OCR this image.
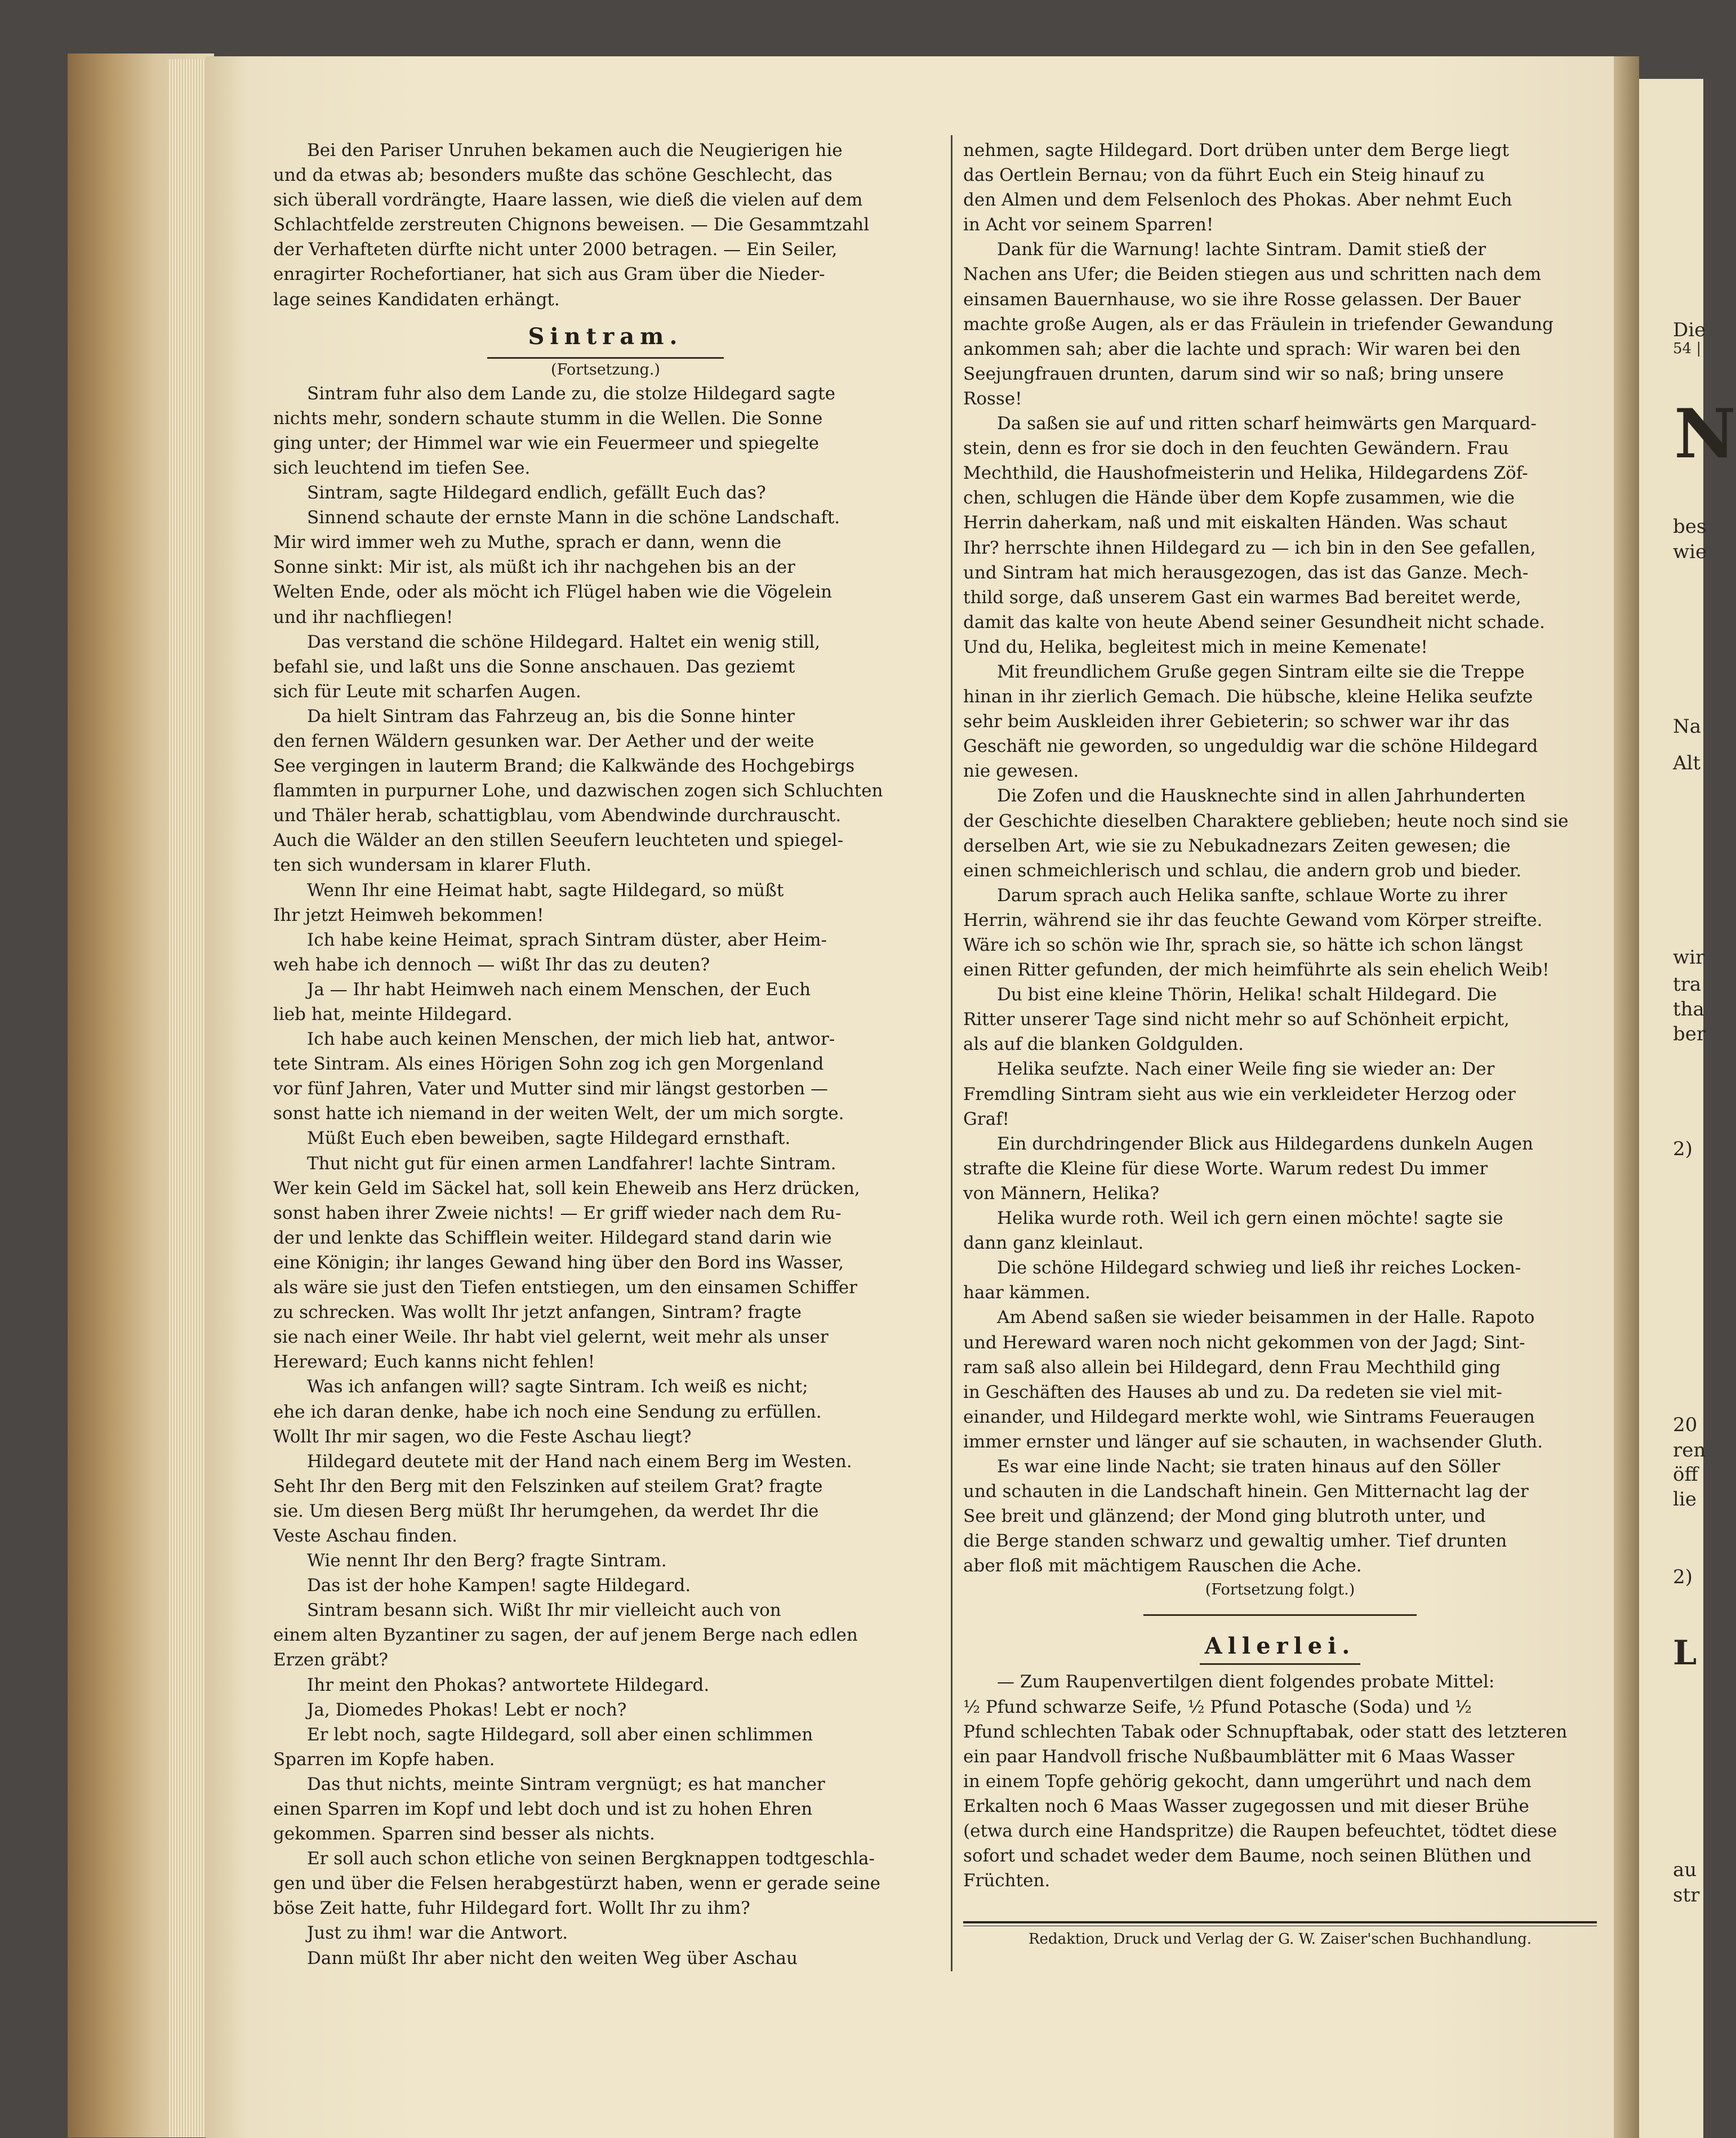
Die
54 |
N
bes
wie
Na
Alt
wir
tra
tha
ber
2)
20
ren
öff
lie
2)
L
au
str
Bei den Pariser Unruhen bekamen auch die Neugierigen hie
und da etwas ab; besonders mußte das schöne Geschlecht, das
sich überall vordrängte, Haare lassen, wie dieß die vielen auf dem
Schlachtfelde zerstreuten Chignons beweisen. — Die Gesammtzahl
der Verhafteten dürfte nicht unter 2000 betragen. — Ein Seiler,
enragirter Rochefortianer, hat sich aus Gram über die Nieder-
lage seines Kandidaten erhängt.
Sintram.
(Fortsetzung.)
Sintram fuhr also dem Lande zu, die stolze Hildegard sagte
nichts mehr, sondern schaute stumm in die Wellen. Die Sonne
ging unter; der Himmel war wie ein Feuermeer und spiegelte
sich leuchtend im tiefen See.
Sintram, sagte Hildegard endlich, gefällt Euch das?
Sinnend schaute der ernste Mann in die schöne Landschaft.
Mir wird immer weh zu Muthe, sprach er dann, wenn die
Sonne sinkt: Mir ist, als müßt ich ihr nachgehen bis an der
Welten Ende, oder als möcht ich Flügel haben wie die Vögelein
und ihr nachfliegen!
Das verstand die schöne Hildegard. Haltet ein wenig still,
befahl sie, und laßt uns die Sonne anschauen. Das geziemt
sich für Leute mit scharfen Augen.
Da hielt Sintram das Fahrzeug an, bis die Sonne hinter
den fernen Wäldern gesunken war. Der Aether und der weite
See vergingen in lauterm Brand; die Kalkwände des Hochgebirgs
flammten in purpurner Lohe, und dazwischen zogen sich Schluchten
und Thäler herab, schattigblau, vom Abendwinde durchrauscht.
Auch die Wälder an den stillen Seeufern leuchteten und spiegel-
ten sich wundersam in klarer Fluth.
Wenn Ihr eine Heimat habt, sagte Hildegard, so müßt
Ihr jetzt Heimweh bekommen!
Ich habe keine Heimat, sprach Sintram düster, aber Heim-
weh habe ich dennoch — wißt Ihr das zu deuten?
Ja — Ihr habt Heimweh nach einem Menschen, der Euch
lieb hat, meinte Hildegard.
Ich habe auch keinen Menschen, der mich lieb hat, antwor-
tete Sintram. Als eines Hörigen Sohn zog ich gen Morgenland
vor fünf Jahren, Vater und Mutter sind mir längst gestorben —
sonst hatte ich niemand in der weiten Welt, der um mich sorgte.
Müßt Euch eben beweiben, sagte Hildegard ernsthaft.
Thut nicht gut für einen armen Landfahrer! lachte Sintram.
Wer kein Geld im Säckel hat, soll kein Eheweib ans Herz drücken,
sonst haben ihrer Zweie nichts! — Er griff wieder nach dem Ru-
der und lenkte das Schifflein weiter. Hildegard stand darin wie
eine Königin; ihr langes Gewand hing über den Bord ins Wasser,
als wäre sie just den Tiefen entstiegen, um den einsamen Schiffer
zu schrecken. Was wollt Ihr jetzt anfangen, Sintram? fragte
sie nach einer Weile. Ihr habt viel gelernt, weit mehr als unser
Hereward; Euch kanns nicht fehlen!
Was ich anfangen will? sagte Sintram. Ich weiß es nicht;
ehe ich daran denke, habe ich noch eine Sendung zu erfüllen.
Wollt Ihr mir sagen, wo die Feste Aschau liegt?
Hildegard deutete mit der Hand nach einem Berg im Westen.
Seht Ihr den Berg mit den Felszinken auf steilem Grat? fragte
sie. Um diesen Berg müßt Ihr herumgehen, da werdet Ihr die
Veste Aschau finden.
Wie nennt Ihr den Berg? fragte Sintram.
Das ist der hohe Kampen! sagte Hildegard.
Sintram besann sich. Wißt Ihr mir vielleicht auch von
einem alten Byzantiner zu sagen, der auf jenem Berge nach edlen
Erzen gräbt?
Ihr meint den Phokas? antwortete Hildegard.
Ja, Diomedes Phokas! Lebt er noch?
Er lebt noch, sagte Hildegard, soll aber einen schlimmen
Sparren im Kopfe haben.
Das thut nichts, meinte Sintram vergnügt; es hat mancher
einen Sparren im Kopf und lebt doch und ist zu hohen Ehren
gekommen. Sparren sind besser als nichts.
Er soll auch schon etliche von seinen Bergknappen todtgeschla-
gen und über die Felsen herabgestürzt haben, wenn er gerade seine
böse Zeit hatte, fuhr Hildegard fort. Wollt Ihr zu ihm?
Just zu ihm! war die Antwort.
Dann müßt Ihr aber nicht den weiten Weg über Aschau
nehmen, sagte Hildegard. Dort drüben unter dem Berge liegt
das Oertlein Bernau; von da führt Euch ein Steig hinauf zu
den Almen und dem Felsenloch des Phokas. Aber nehmt Euch
in Acht vor seinem Sparren!
Dank für die Warnung! lachte Sintram. Damit stieß der
Nachen ans Ufer; die Beiden stiegen aus und schritten nach dem
einsamen Bauernhause, wo sie ihre Rosse gelassen. Der Bauer
machte große Augen, als er das Fräulein in triefender Gewandung
ankommen sah; aber die lachte und sprach: Wir waren bei den
Seejungfrauen drunten, darum sind wir so naß; bring unsere
Rosse!
Da saßen sie auf und ritten scharf heimwärts gen Marquard-
stein, denn es fror sie doch in den feuchten Gewändern. Frau
Mechthild, die Haushofmeisterin und Helika, Hildegardens Zöf-
chen, schlugen die Hände über dem Kopfe zusammen, wie die
Herrin daherkam, naß und mit eiskalten Händen. Was schaut
Ihr? herrschte ihnen Hildegard zu — ich bin in den See gefallen,
und Sintram hat mich herausgezogen, das ist das Ganze. Mech-
thild sorge, daß unserem Gast ein warmes Bad bereitet werde,
damit das kalte von heute Abend seiner Gesundheit nicht schade.
Und du, Helika, begleitest mich in meine Kemenate!
Mit freundlichem Gruße gegen Sintram eilte sie die Treppe
hinan in ihr zierlich Gemach. Die hübsche, kleine Helika seufzte
sehr beim Auskleiden ihrer Gebieterin; so schwer war ihr das
Geschäft nie geworden, so ungeduldig war die schöne Hildegard
nie gewesen.
Die Zofen und die Hausknechte sind in allen Jahrhunderten
der Geschichte dieselben Charaktere geblieben; heute noch sind sie
derselben Art, wie sie zu Nebukadnezars Zeiten gewesen; die
einen schmeichlerisch und schlau, die andern grob und bieder.
Darum sprach auch Helika sanfte, schlaue Worte zu ihrer
Herrin, während sie ihr das feuchte Gewand vom Körper streifte.
Wäre ich so schön wie Ihr, sprach sie, so hätte ich schon längst
einen Ritter gefunden, der mich heimführte als sein ehelich Weib!
Du bist eine kleine Thörin, Helika! schalt Hildegard. Die
Ritter unserer Tage sind nicht mehr so auf Schönheit erpicht,
als auf die blanken Goldgulden.
Helika seufzte. Nach einer Weile fing sie wieder an: Der
Fremdling Sintram sieht aus wie ein verkleideter Herzog oder
Graf!
Ein durchdringender Blick aus Hildegardens dunkeln Augen
strafte die Kleine für diese Worte. Warum redest Du immer
von Männern, Helika?
Helika wurde roth. Weil ich gern einen möchte! sagte sie
dann ganz kleinlaut.
Die schöne Hildegard schwieg und ließ ihr reiches Locken-
haar kämmen.
Am Abend saßen sie wieder beisammen in der Halle. Rapoto
und Hereward waren noch nicht gekommen von der Jagd; Sint-
ram saß also allein bei Hildegard, denn Frau Mechthild ging
in Geschäften des Hauses ab und zu. Da redeten sie viel mit-
einander, und Hildegard merkte wohl, wie Sintrams Feueraugen
immer ernster und länger auf sie schauten, in wachsender Gluth.
Es war eine linde Nacht; sie traten hinaus auf den Söller
und schauten in die Landschaft hinein. Gen Mitternacht lag der
See breit und glänzend; der Mond ging blutroth unter, und
die Berge standen schwarz und gewaltig umher. Tief drunten
aber floß mit mächtigem Rauschen die Ache.
(Fortsetzung folgt.)
Allerlei.
— Zum Raupenvertilgen dient folgendes probate Mittel:
½ Pfund schwarze Seife, ½ Pfund Potasche (Soda) und ½
Pfund schlechten Tabak oder Schnupftabak, oder statt des letzteren
ein paar Handvoll frische Nußbaumblätter mit 6 Maas Wasser
in einem Topfe gehörig gekocht, dann umgerührt und nach dem
Erkalten noch 6 Maas Wasser zugegossen und mit dieser Brühe
(etwa durch eine Handspritze) die Raupen befeuchtet, tödtet diese
sofort und schadet weder dem Baume, noch seinen Blüthen und
Früchten.
Redaktion, Druck und Verlag der G. W. Zaiser'schen Buchhandlung.
